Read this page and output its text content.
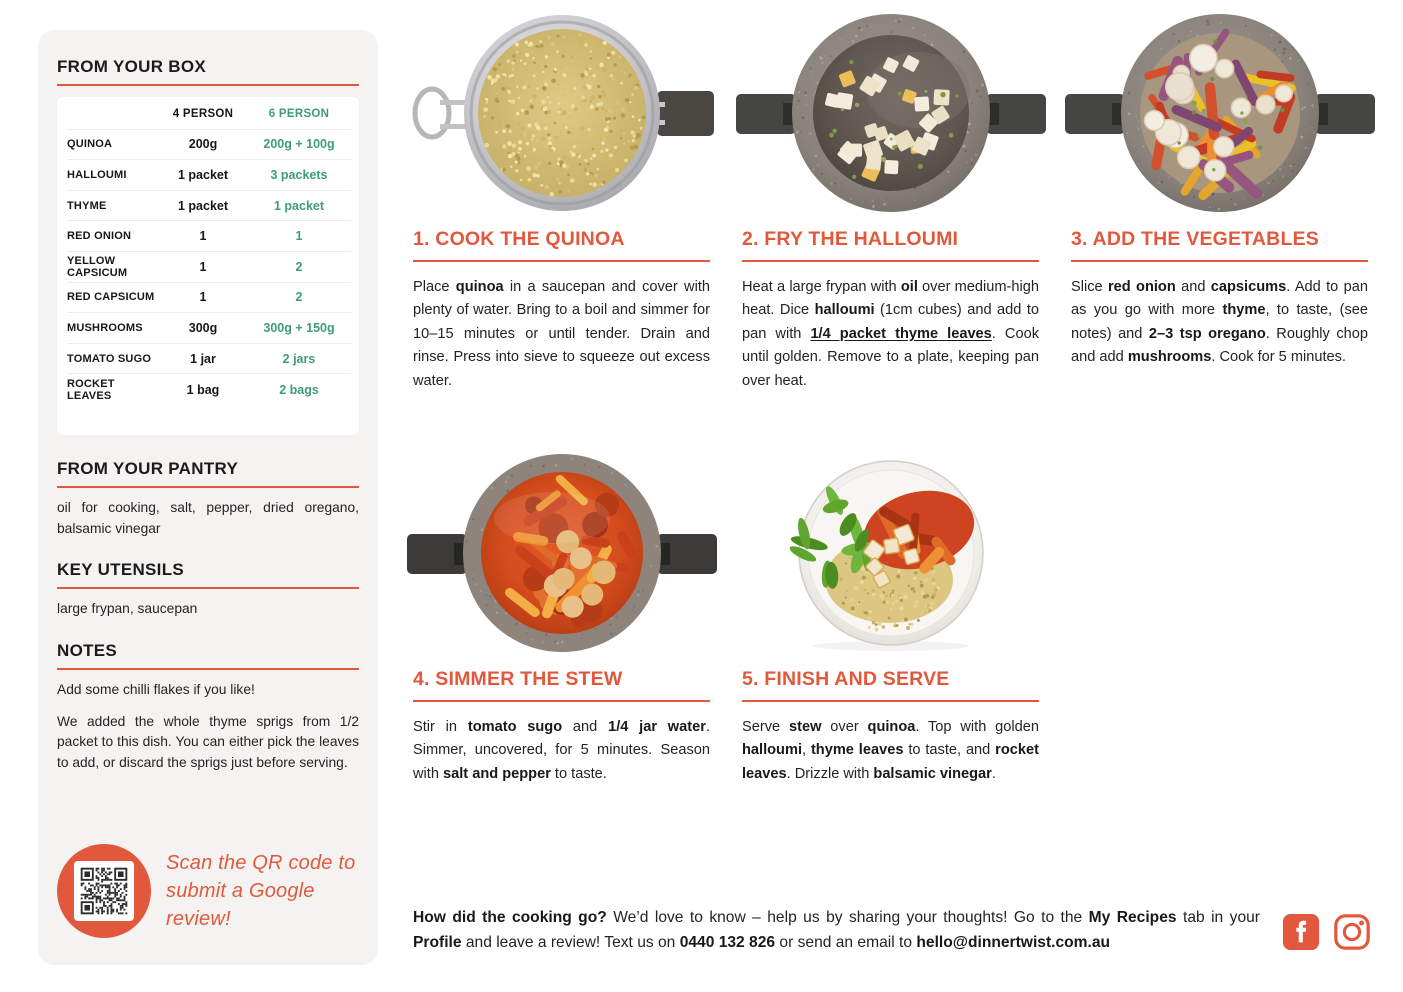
FROM YOUR BOX
4 PERSON	6 PERSON
QUINOA	200g	200g + 100g
HALLOUMI	1 packet	3 packets
THYME	1 packet	1 packet
RED ONION	1	1
YELLOW CAPSICUM	1	2
RED CAPSICUM	1	2
MUSHROOMS	300g	300g + 150g
TOMATO SUGO	1 jar	2 jars
ROCKET LEAVES	1 bag	2 bags
FROM YOUR PANTRY

oil for cooking, salt, pepper, dried oregano, balsamic vinegar

KEY UTENSILS

large frypan, saucepan

NOTES

Add some chilli flakes if you like!

We added the whole thyme sprigs from 1/2 packet to this dish. You can either pick the leaves to add, or discard the sprigs just before serving.

Scan the QR code to
submit a Google review!
1. COOK THE QUINOA

Place quinoa in a saucepan and cover with plenty of water. Bring to a boil and simmer for 10–15 minutes or until tender. Drain and rinse. Press into sieve to squeeze out excess water.

2. FRY THE HALLOUMI

Heat a large frypan with oil over medium-high heat. Dice halloumi (1cm cubes) and add to pan with 1/4 packet thyme leaves. Cook until golden. Remove to a plate, keeping pan over heat.

3. ADD THE VEGETABLES

Slice red onion and capsicums. Add to pan as you go with more thyme, to taste, (see notes) and 2–3 tsp oregano. Roughly chop and add mushrooms. Cook for 5 minutes.

4. SIMMER THE STEW

Stir in tomato sugo and 1/4 jar water. Simmer, uncovered, for 5 minutes. Season with salt and pepper to taste.

5. FINISH AND SERVE

Serve stew over quinoa. Top with golden halloumi, thyme leaves to taste, and rocket leaves. Drizzle with balsamic vinegar.

How did the cooking go? We’d love to know – help us by sharing your thoughts! Go to the My Recipes tab in your Profile and leave a review! Text us on 0440 132 826 or send an email to hello@dinnertwist.com.au
